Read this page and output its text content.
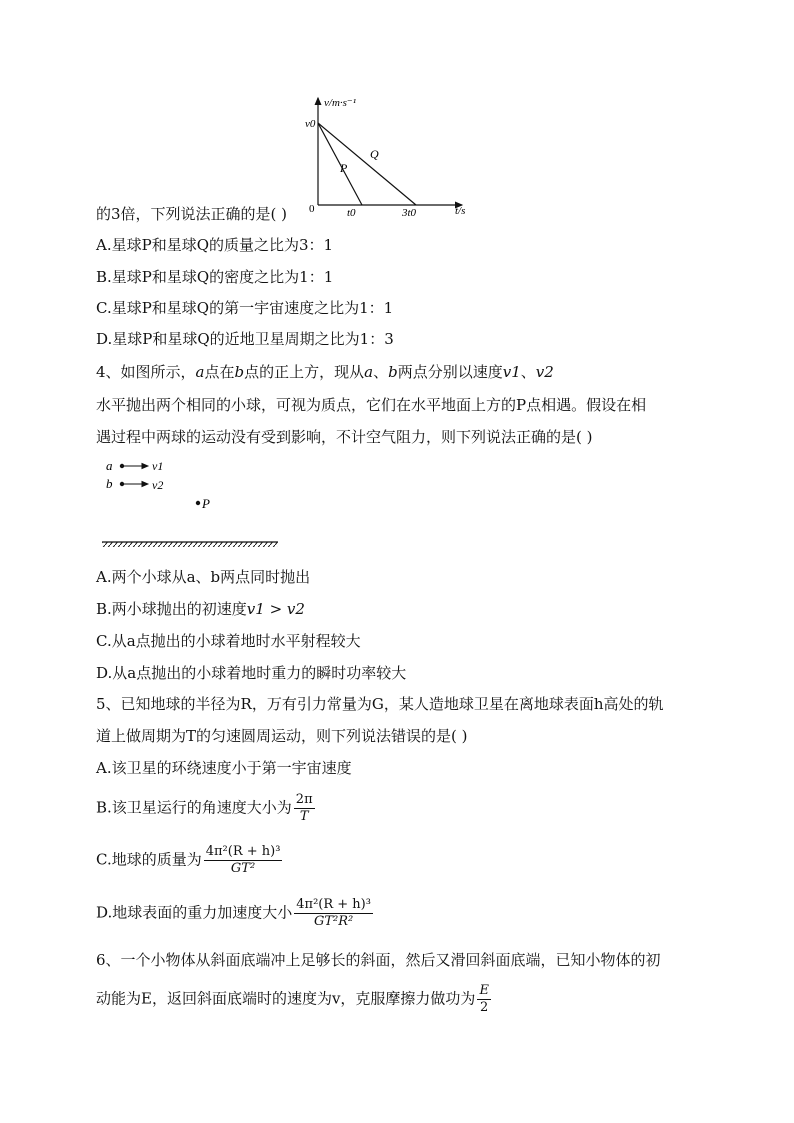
v/m·s⁻¹
v0
0	t0	3t0	t/s
P
Q
的3倍，下列说法正确的是( )
A.星球P和星球Q的质量之比为3：1
B.星球P和星球Q的密度之比为1：1
C.星球P和星球Q的第一宇宙速度之比为1：1
D.星球P和星球Q的近地卫星周期之比为1：3
4、如图所示，a点在b点的正上方，现从a、b两点分别以速度v1、v2
水平抛出两个相同的小球，可视为质点，它们在水平地面上方的P点相遇。假设在相
遇过程中两球的运动没有受到影响，不计空气阻力，则下列说法正确的是( )
a	v1
b	v2
P
A.两个小球从a、b两点同时抛出
B.两小球抛出的初速度v1 > v2
C.从a点抛出的小球着地时水平射程较大
D.从a点抛出的小球着地时重力的瞬时功率较大
5、已知地球的半径为R，万有引力常量为G，某人造地球卫星在离地球表面h高处的轨
道上做周期为T的匀速圆周运动，则下列说法错误的是( )
A.该卫星的环绕速度小于第一宇宙速度
B.该卫星运行的角速度大小为 $\frac{2\pi}{T}$
C.地球的质量为 $\frac{\text{4π²(R + h)³}}{\text{GT²}}$
D.地球表面的重力加速度大小 $\frac{\text{4π²(R + h)³}}{\text{GT²R²}}$
6、一个小物体从斜面底端冲上足够长的斜面，然后又滑回斜面底端，已知小物体的初
动能为E，返回斜面底端时的速度为v，克服摩擦力做功为 $\frac{E}{2}$
